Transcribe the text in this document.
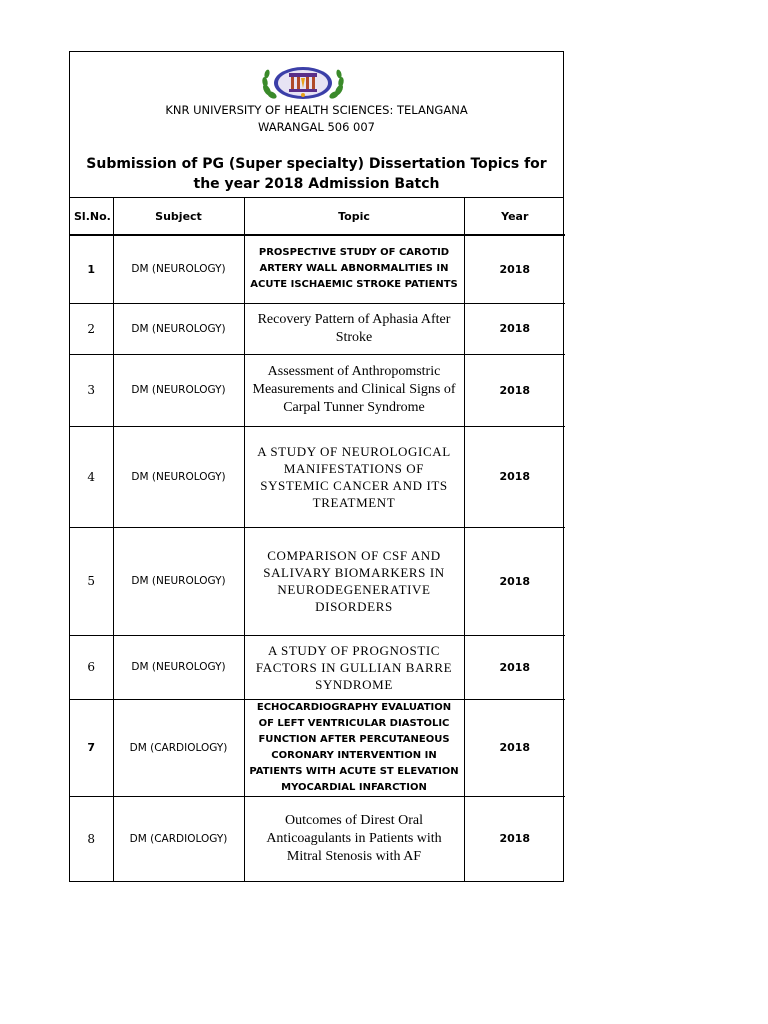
KNR UNIVERSITY OF HEALTH SCIENCES: TELANGANA
WARANGAL 506 007
Submission of PG (Super specialty) Dissertation Topics for the year 2018 Admission Batch
Sl.No.	Subject	Topic	Year
1	DM (NEUROLOGY)	PROSPECTIVE STUDY OF CAROTID ARTERY WALL ABNORMALITIES IN ACUTE ISCHAEMIC STROKE PATIENTS	2018
2	DM (NEUROLOGY)	Recovery Pattern of Aphasia After Stroke	2018
3	DM (NEUROLOGY)	Assessment of Anthropomstric Measurements and Clinical Signs of Carpal Tunner Syndrome	2018
4	DM (NEUROLOGY)	A STUDY OF NEUROLOGICAL MANIFESTATIONS OF SYSTEMIC CANCER AND ITS TREATMENT	2018
5	DM (NEUROLOGY)	COMPARISON OF CSF AND SALIVARY BIOMARKERS IN NEURODEGENERATIVE DISORDERS	2018
6	DM (NEUROLOGY)	A STUDY OF PROGNOSTIC FACTORS IN GULLIAN BARRE SYNDROME	2018
7	DM (CARDIOLOGY)	ECHOCARDIOGRAPHY EVALUATION OF LEFT VENTRICULAR DIASTOLIC FUNCTION AFTER PERCUTANEOUS CORONARY INTERVENTION IN PATIENTS WITH ACUTE ST ELEVATION MYOCARDIAL INFARCTION	2018
8	DM (CARDIOLOGY)	Outcomes of Direst Oral Anticoagulants in Patients with Mitral Stenosis with AF	2018
